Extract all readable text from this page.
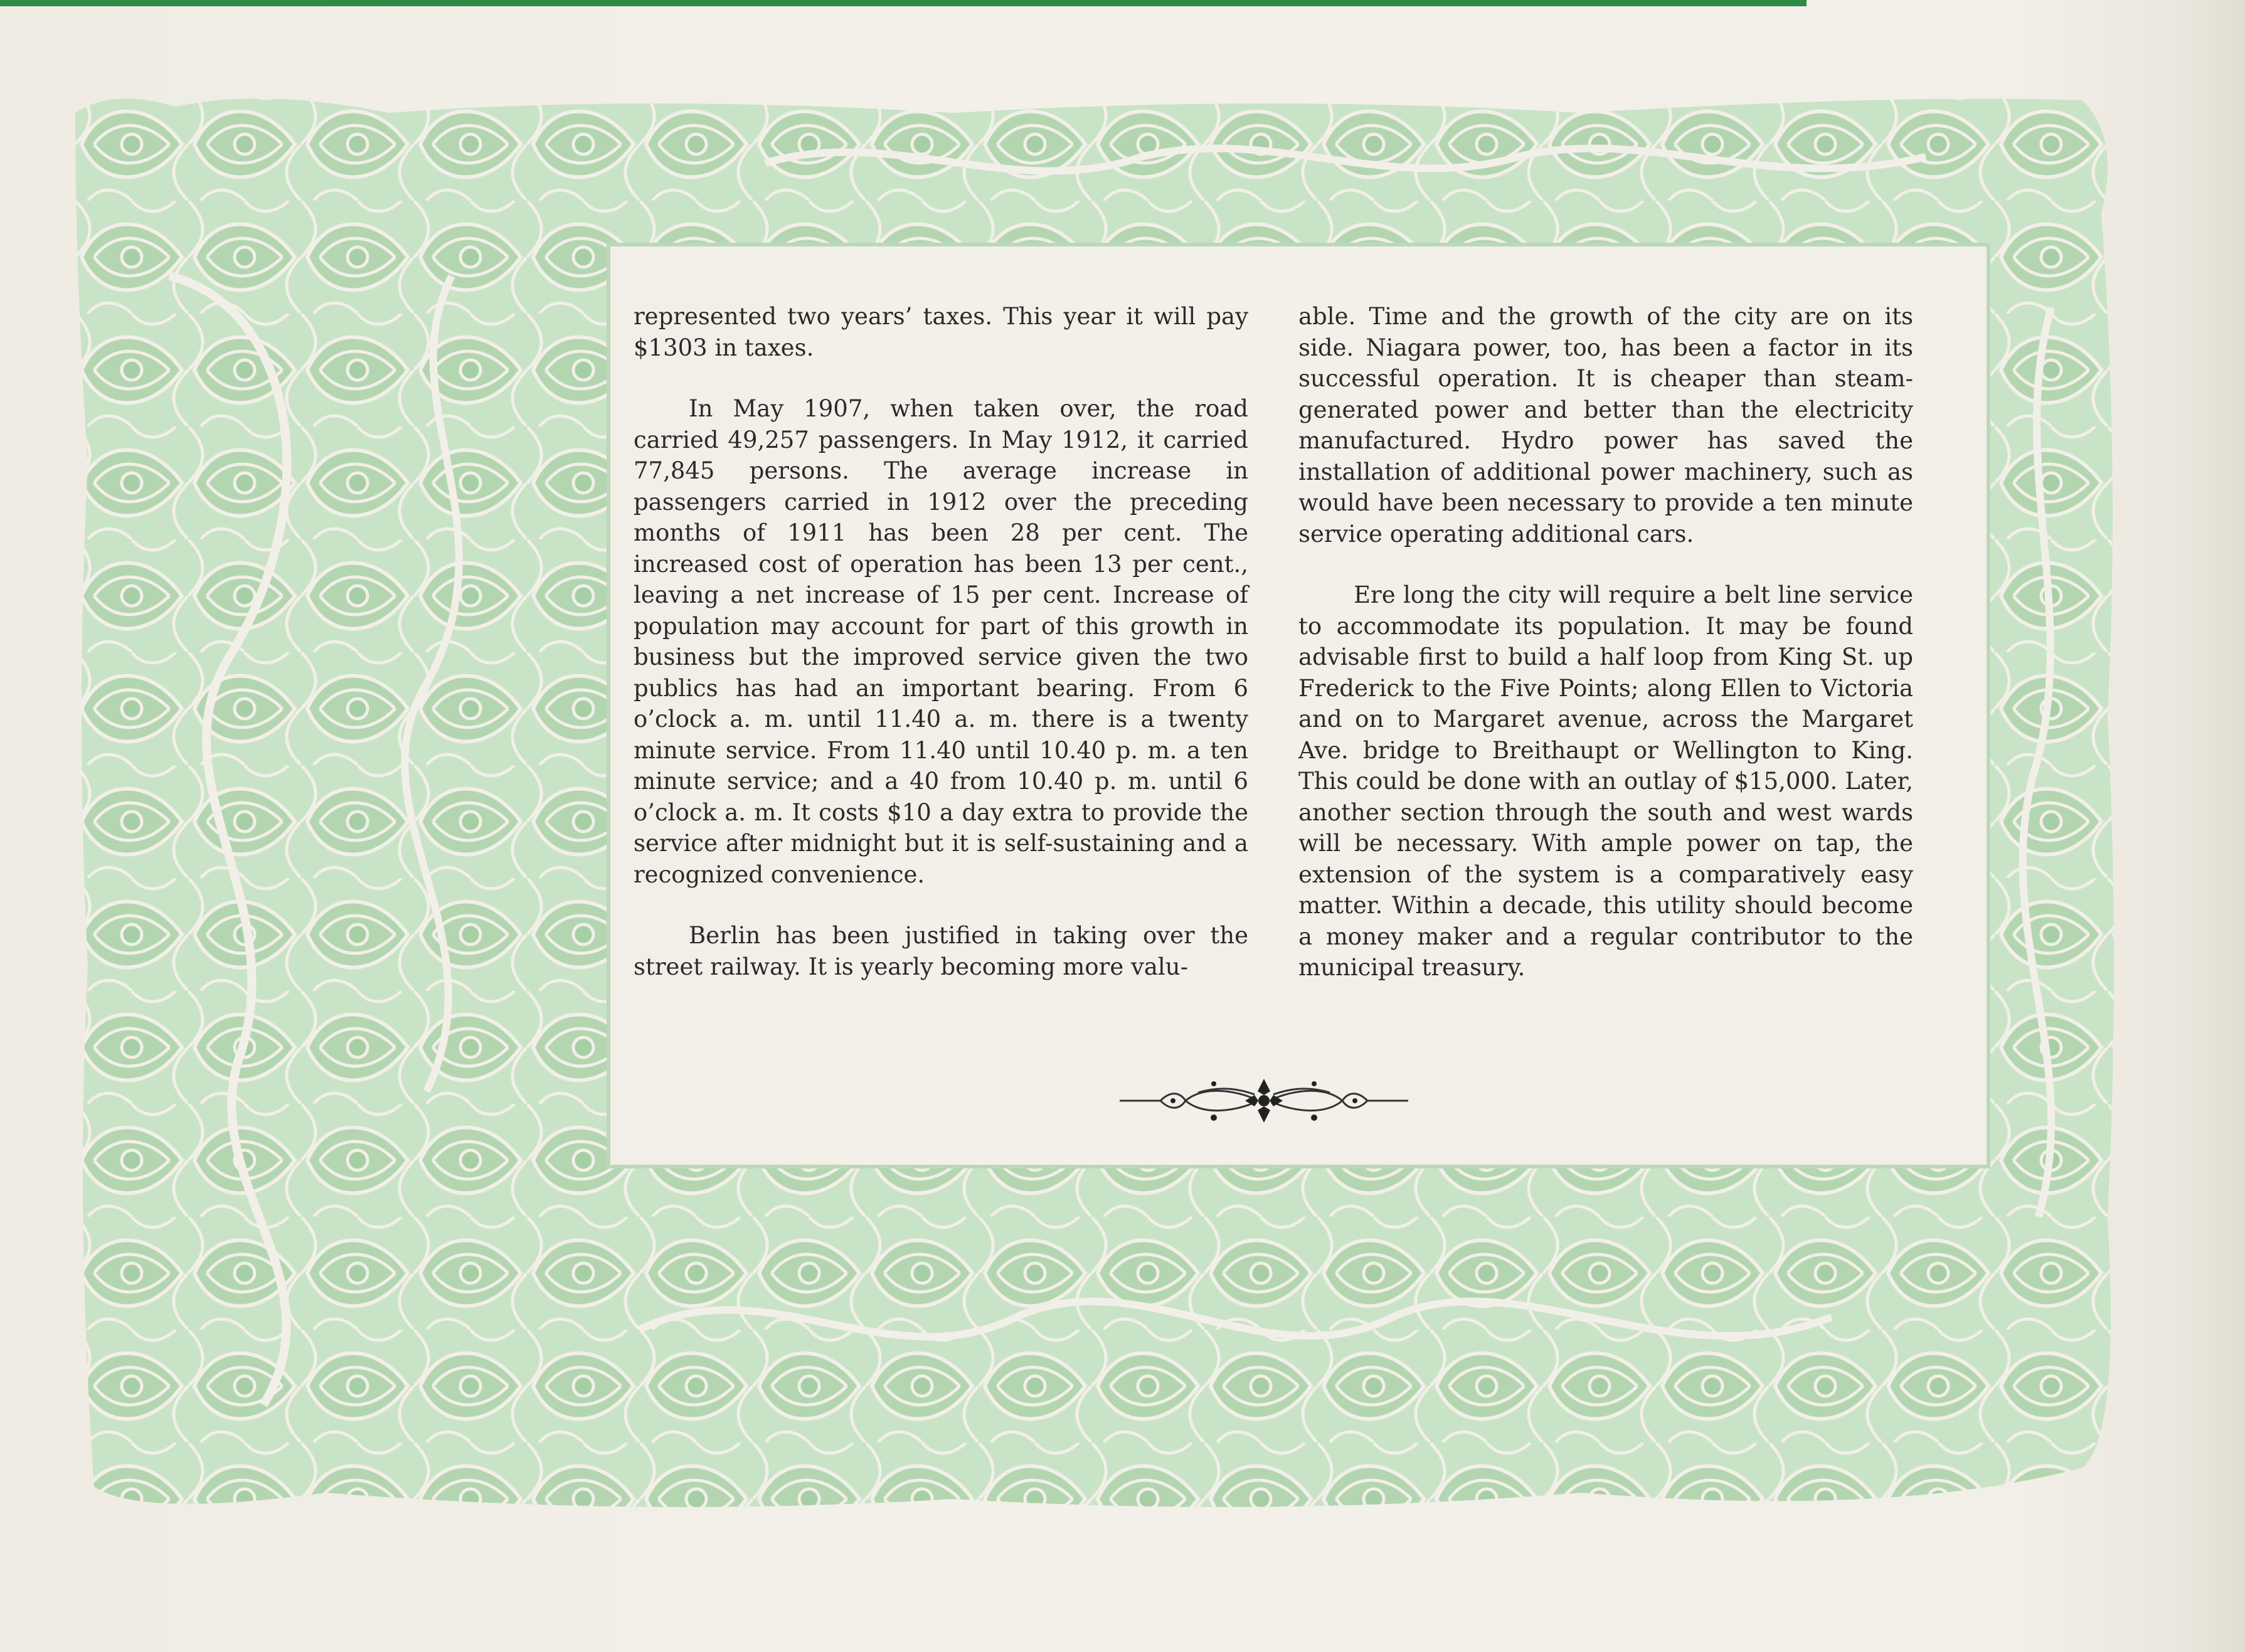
represented two years’ taxes. This year it will pay $1303 in taxes.

In May 1907, when taken over, the road carried 49,257 passengers. In May 1912, it carried 77,845 persons. The average increase in passengers carried in 1912 over the preceding months of 1911 has been 28 per cent. The increased cost of operation has been 13 per cent., leaving a net increase of 15 per cent. Increase of population may account for part of this growth in business but the improved service given the two publics has had an important bearing. From 6 o’clock a. m. until 11.40 a. m. there is a twenty minute service. From 11.40 until 10.40 p. m. a ten minute service; and a 40 from 10.40 p. m. until 6 o’clock a. m. It costs $10 a day extra to provide the service after midnight but it is self-sustaining and a recognized convenience.

Berlin has been justified in taking over the street railway. It is yearly becoming more valu-

able. Time and the growth of the city are on its side. Niagara power, too, has been a factor in its successful operation. It is cheaper than steam-generated power and better than the electricity manufactured. Hydro power has saved the installation of additional power machinery, such as would have been necessary to provide a ten minute service operating additional cars.

Ere long the city will require a belt line service to accommodate its population. It may be found advisable first to build a half loop from King St. up Frederick to the Five Points; along Ellen to Victoria and on to Margaret avenue, across the Margaret Ave. bridge to Breithaupt or Wellington to King. This could be done with an outlay of $15,000. Later, another section through the south and west wards will be necessary. With ample power on tap, the extension of the system is a comparatively easy matter. Within a decade, this utility should become a money maker and a regular contributor to the municipal treasury.
